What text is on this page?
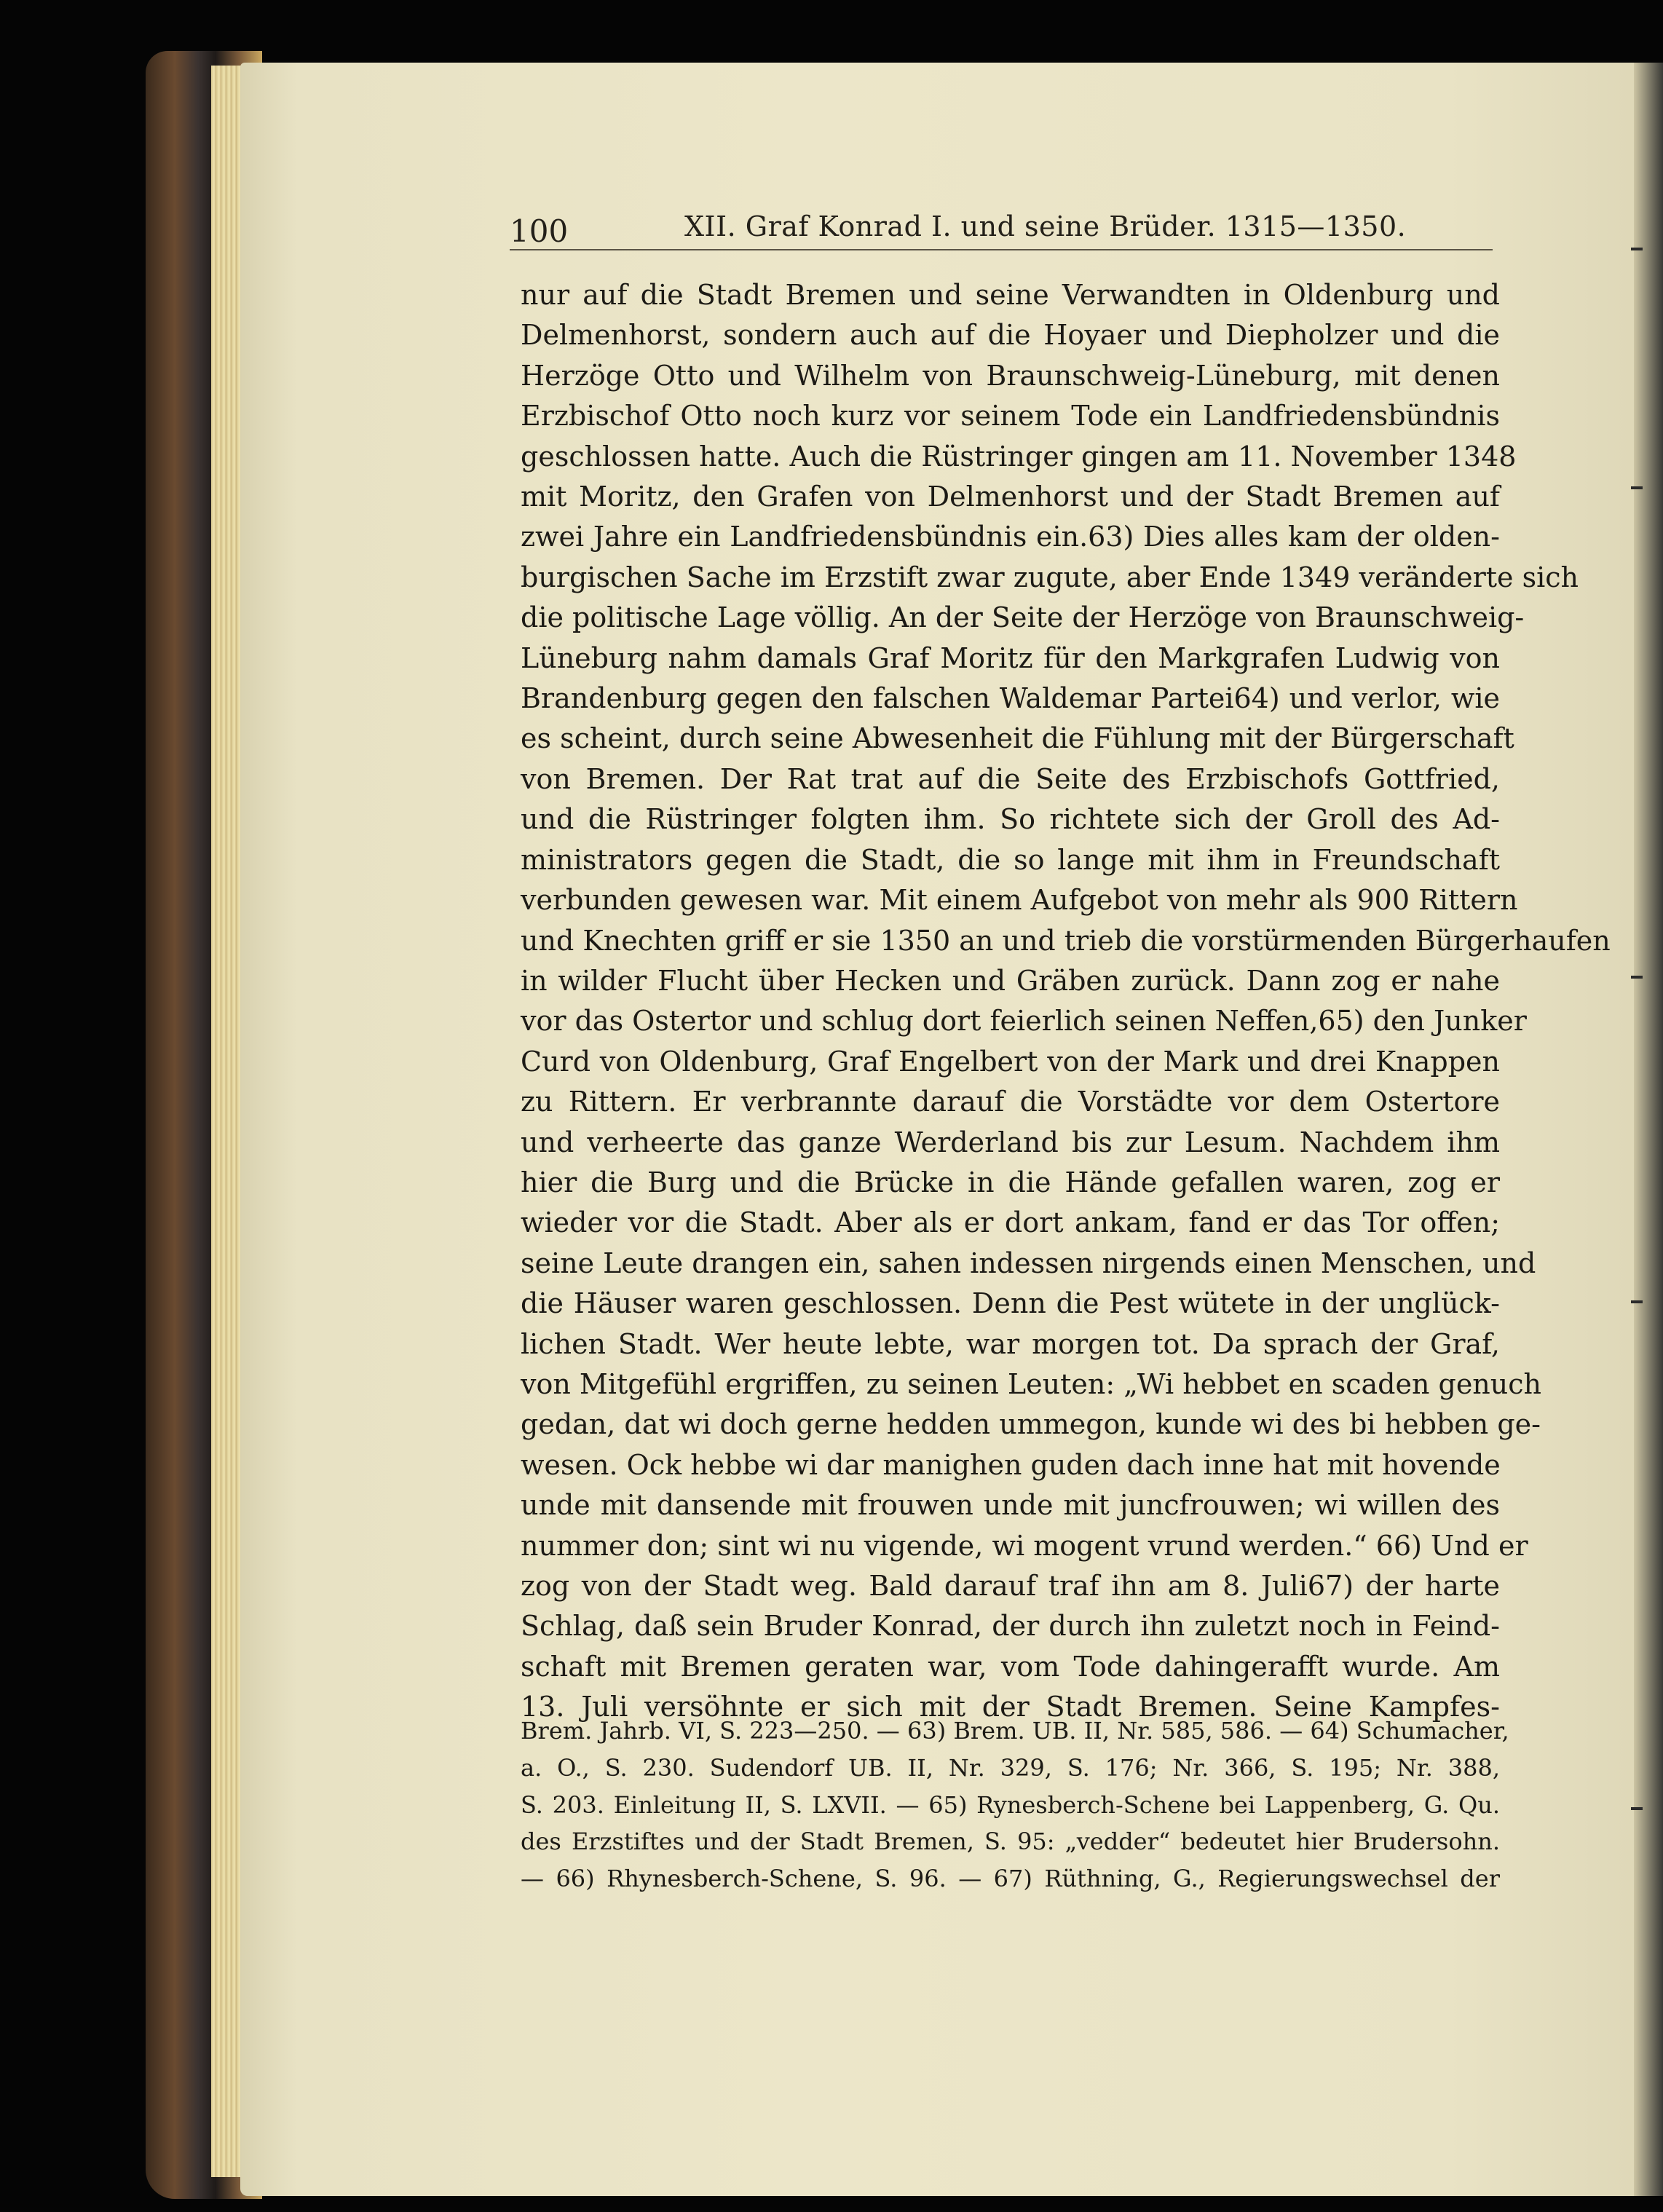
100	XII. Graf Konrad I. und seine Brüder. 1315—1350.

nur auf die Stadt Bremen und seine Verwandten in Oldenburg und
Delmenhorst, sondern auch auf die Hoyaer und Diepholzer und die
Herzöge Otto und Wilhelm von Braunschweig-Lüneburg, mit denen
Erzbischof Otto noch kurz vor seinem Tode ein Landfriedensbündnis
geschlossen hatte. Auch die Rüstringer gingen am 11. November 1348
mit Moritz, den Grafen von Delmenhorst und der Stadt Bremen auf
zwei Jahre ein Landfriedensbündnis ein.63) Dies alles kam der olden-
burgischen Sache im Erzstift zwar zugute, aber Ende 1349 veränderte sich
die politische Lage völlig. An der Seite der Herzöge von Braunschweig-
Lüneburg nahm damals Graf Moritz für den Markgrafen Ludwig von
Brandenburg gegen den falschen Waldemar Partei64) und verlor, wie
es scheint, durch seine Abwesenheit die Fühlung mit der Bürgerschaft
von Bremen. Der Rat trat auf die Seite des Erzbischofs Gottfried,
und die Rüstringer folgten ihm. So richtete sich der Groll des Ad-
ministrators gegen die Stadt, die so lange mit ihm in Freundschaft
verbunden gewesen war. Mit einem Aufgebot von mehr als 900 Rittern
und Knechten griff er sie 1350 an und trieb die vorstürmenden Bürgerhaufen
in wilder Flucht über Hecken und Gräben zurück. Dann zog er nahe
vor das Ostertor und schlug dort feierlich seinen Neffen,65) den Junker
Curd von Oldenburg, Graf Engelbert von der Mark und drei Knappen
zu Rittern. Er verbrannte darauf die Vorstädte vor dem Ostertore
und verheerte das ganze Werderland bis zur Lesum. Nachdem ihm
hier die Burg und die Brücke in die Hände gefallen waren, zog er
wieder vor die Stadt. Aber als er dort ankam, fand er das Tor offen;
seine Leute drangen ein, sahen indessen nirgends einen Menschen, und
die Häuser waren geschlossen. Denn die Pest wütete in der unglück-
lichen Stadt. Wer heute lebte, war morgen tot. Da sprach der Graf,
von Mitgefühl ergriffen, zu seinen Leuten: „Wi hebbet en scaden genuch
gedan, dat wi doch gerne hedden ummegon, kunde wi des bi hebben ge-
wesen. Ock hebbe wi dar manighen guden dach inne hat mit hovende
unde mit dansende mit frouwen unde mit juncfrouwen; wi willen des
nummer don; sint wi nu vigende, wi mogent vrund werden.“ 66) Und er
zog von der Stadt weg. Bald darauf traf ihn am 8. Juli67) der harte
Schlag, daß sein Bruder Konrad, der durch ihn zuletzt noch in Feind-
schaft mit Bremen geraten war, vom Tode dahingerafft wurde. Am
13. Juli versöhnte er sich mit der Stadt Bremen. Seine Kampfes-

Brem. Jahrb. VI, S. 223—250. — 63) Brem. UB. II, Nr. 585, 586. — 64) Schumacher,
a. O., S. 230. Sudendorf UB. II, Nr. 329, S. 176; Nr. 366, S. 195; Nr. 388,
S. 203. Einleitung II, S. LXVII. — 65) Rynesberch-Schene bei Lappenberg, G. Qu.
des Erzstiftes und der Stadt Bremen, S. 95: „vedder“ bedeutet hier Brudersohn.
— 66) Rhynesberch-Schene, S. 96. — 67) Rüthning, G., Regierungswechsel der
